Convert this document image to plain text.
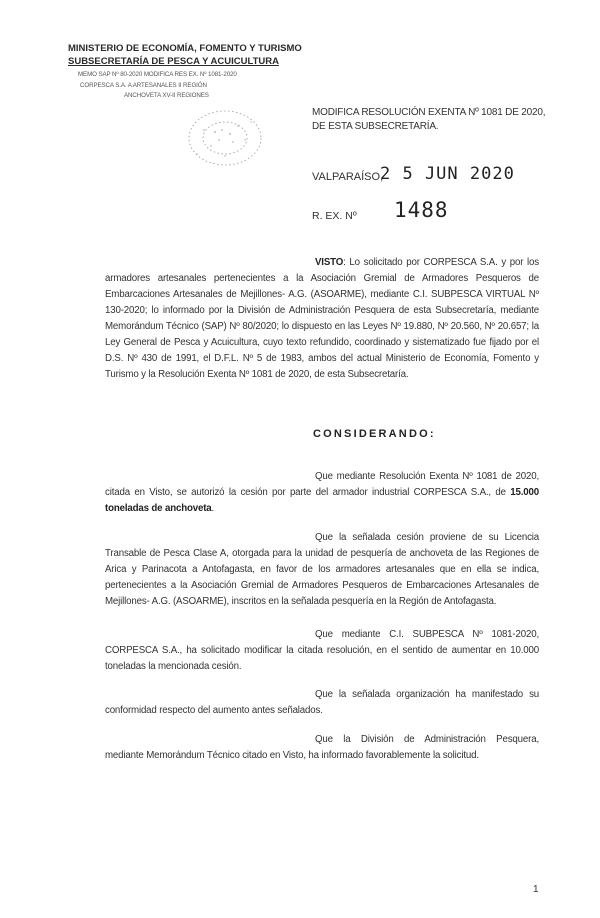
MINISTERIO DE ECONOMÍA, FOMENTO Y TURISMO
SUBSECRETARÍA DE PESCA Y ACUICULTURA
MEMO SAP Nº 80-2020 MODIFICA RES EX. Nº 1081-2020
CORPESCA S.A. A ARTESANALES II REGIÓN
ANCHOVETA XV-II REGIONES
MODIFICA RESOLUCIÓN EXENTA Nº 1081 DE 2020, DE ESTA SUBSECRETARÍA.
VALPARAÍSO,
2 5 JUN 2020
R. EX. Nº 1488
VISTO: Lo solicitado por CORPESCA S.A. y por los armadores artesanales pertenecientes a la Asociación Gremial de Armadores Pesqueros de Embarcaciones Artesanales de Mejillones- A.G. (ASOARME), mediante C.I. SUBPESCA VIRTUAL Nº 130-2020; lo informado por la División de Administración Pesquera de esta Subsecretaría, mediante Memorándum Técnico (SAP) Nº 80/2020; lo dispuesto en las Leyes Nº 19.880, Nº 20.560, Nº 20.657; la Ley General de Pesca y Acuicultura, cuyo texto refundido, coordinado y sistematizado fue fijado por el D.S. Nº 430 de 1991, el D.F.L. Nº 5 de 1983, ambos del actual Ministerio de Economía, Fomento y Turismo y la Resolución Exenta Nº 1081 de 2020, de esta Subsecretaría.
CONSIDERANDO:
Que mediante Resolución Exenta Nº 1081 de 2020, citada en Visto, se autorizó la cesión por parte del armador industrial CORPESCA S.A., de 15.000 toneladas de anchoveta.
Que la señalada cesión proviene de su Licencia Transable de Pesca Clase A, otorgada para la unidad de pesquería de anchoveta de las Regiones de Arica y Parinacota a Antofagasta, en favor de los armadores artesanales que en ella se indica, pertenecientes a la Asociación Gremial de Armadores Pesqueros de Embarcaciones Artesanales de Mejillones- A.G. (ASOARME), inscritos en la señalada pesquería en la Región de Antofagasta.
Que mediante C.I. SUBPESCA Nº 1081-2020, CORPESCA S.A., ha solicitado modificar la citada resolución, en el sentido de aumentar en 10.000 toneladas la mencionada cesión.
Que la señalada organización ha manifestado su conformidad respecto del aumento antes señalados.
Que la División de Administración Pesquera, mediante Memorándum Técnico citado en Visto, ha informado favorablemente la solicitud.
1
